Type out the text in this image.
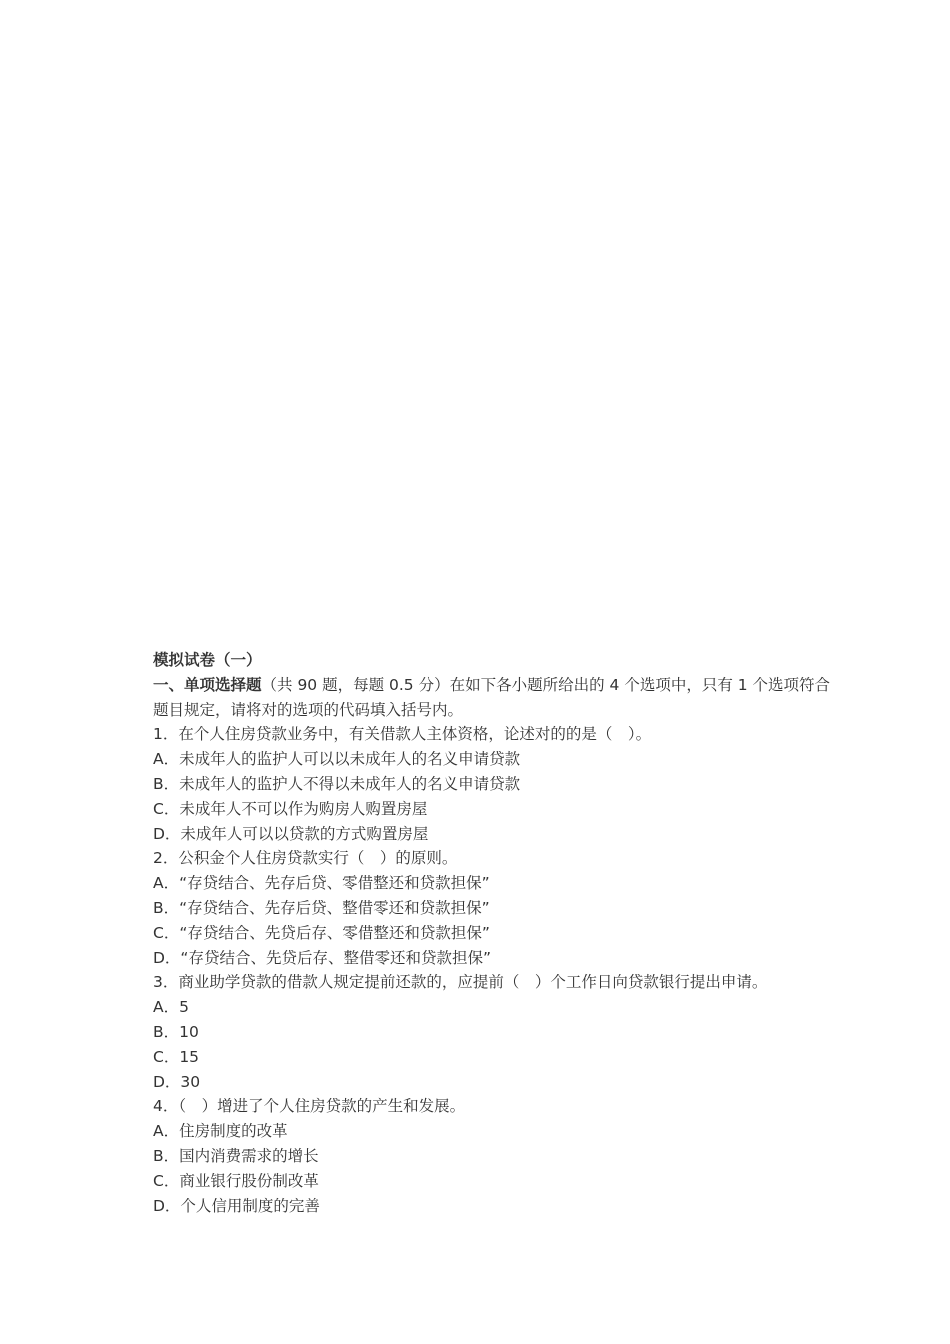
模拟试卷（一）
一、单项选择题（共 90 题，每题 0.5 分）在如下各小题所给出的 4 个选项中，只有 1 个选项符合题目规定，请将对的选项的代码填入括号内。
1．在个人住房贷款业务中，有关借款人主体资格，论述对的的是（　）。
A．未成年人的监护人可以以未成年人的名义申请贷款
B．未成年人的监护人不得以未成年人的名义申请贷款
C．未成年人不可以作为购房人购置房屋
D．未成年人可以以贷款的方式购置房屋
2．公积金个人住房贷款实行（　）的原则。
A．“存贷结合、先存后贷、零借整还和贷款担保”
B．“存贷结合、先存后贷、整借零还和贷款担保”
C．“存贷结合、先贷后存、零借整还和贷款担保”
D．“存贷结合、先贷后存、整借零还和贷款担保”
3．商业助学贷款的借款人规定提前还款的，应提前（　）个工作日向贷款银行提出申请。
A．5
B．10
C．15
D．30
4．（　）增进了个人住房贷款的产生和发展。
A．住房制度的改革
B．国内消费需求的增长
C．商业银行股份制改革
D．个人信用制度的完善
